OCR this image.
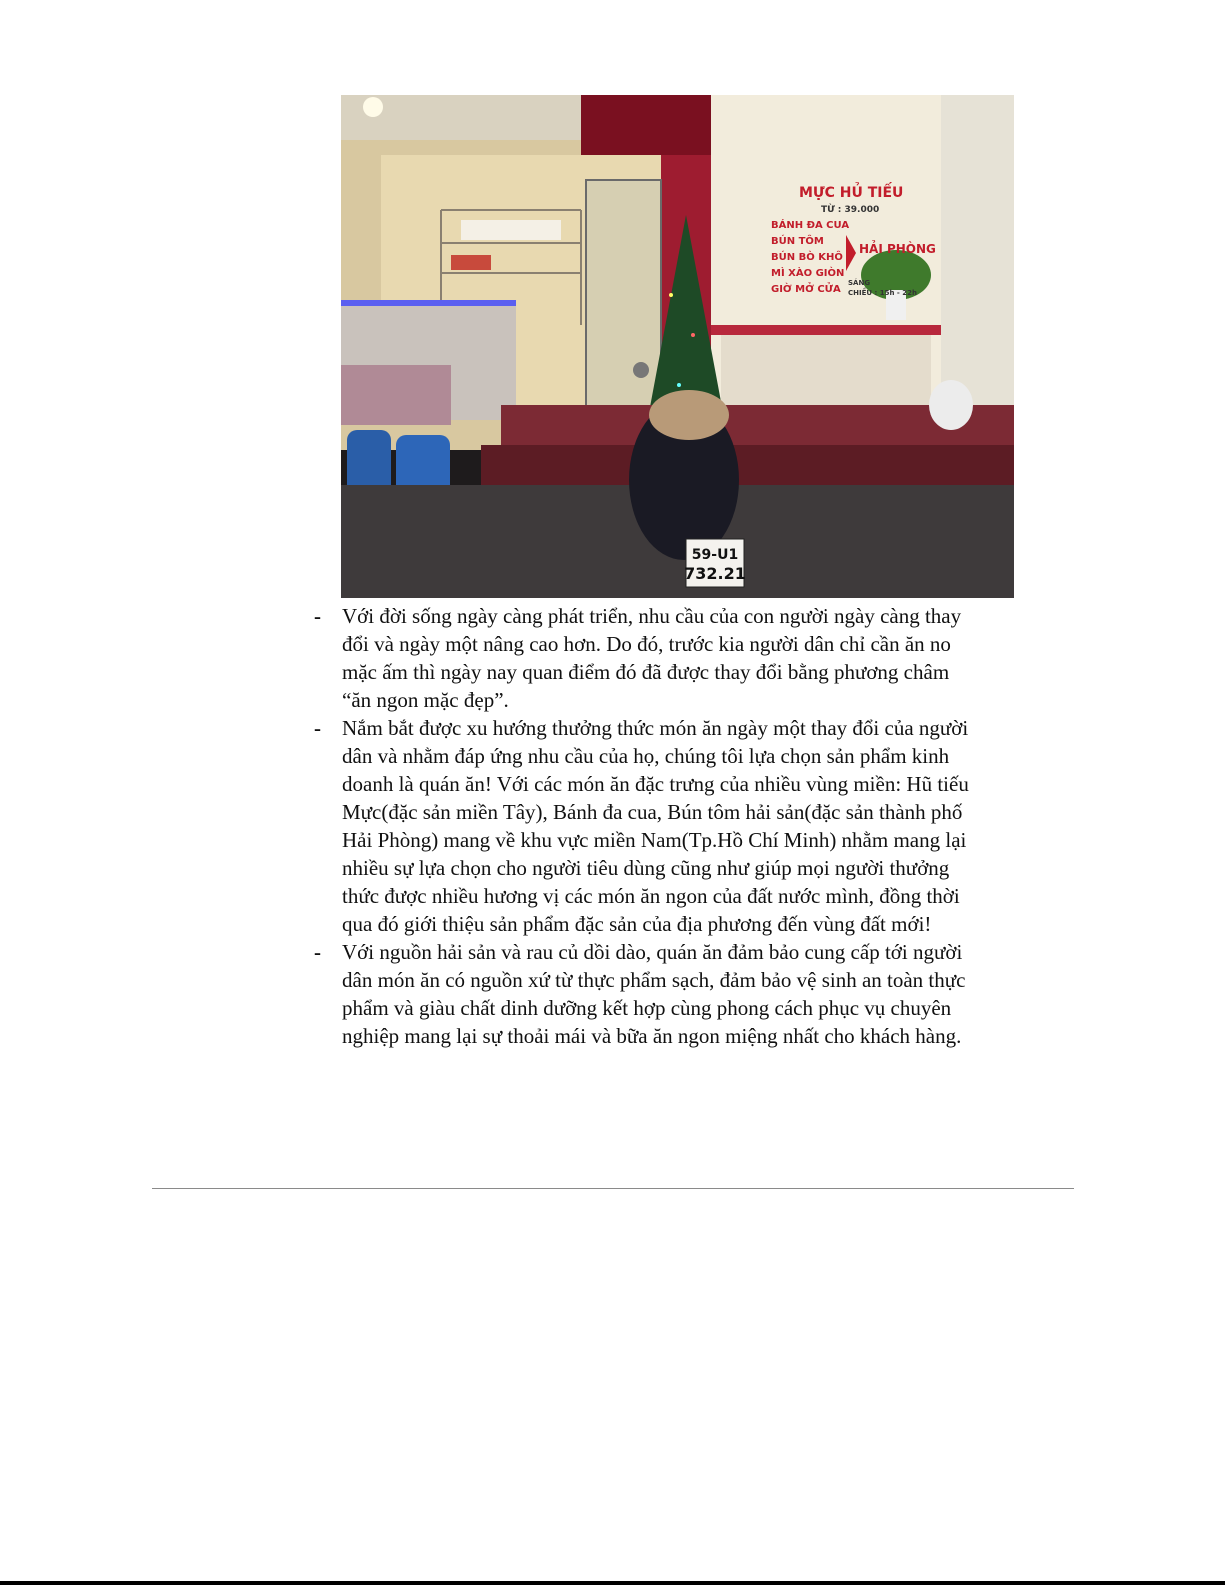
59-U1
732.21
MỰC HỦ TIẾU
TỪ : 39.000
BÁNH ĐA CUA
BÚN TÔM
BÚN BÒ KHÔ
MÌ XÀO GIÒN
GIỜ MỞ CỬA
HẢI PHÒNG
SÁNG
CHIỀU : 15h - 22h
-	Với đời sống ngày càng phát triển, nhu cầu của con người ngày càng thay đổi và ngày một nâng cao hơn. Do đó, trước kia người dân chỉ cần ăn no mặc ấm thì ngày nay quan điểm đó đã được thay đổi bằng phương châm “ăn ngon mặc đẹp”.
-	Nắm bắt được xu hướng thưởng thức món ăn ngày một thay đổi của người dân và nhằm đáp ứng nhu cầu của họ, chúng tôi lựa chọn sản phẩm kinh doanh là quán ăn! Với các món ăn đặc trưng của nhiều vùng miền: Hũ tiếu Mực(đặc sản miền Tây), Bánh đa cua, Bún tôm hải sản(đặc sản thành phố Hải Phòng) mang về khu vực miền Nam(Tp.Hồ Chí Minh) nhằm mang lại nhiều sự lựa chọn cho người tiêu dùng cũng như giúp mọi người thưởng thức được nhiều hương vị các món ăn ngon của đất nước mình, đồng thời qua đó giới thiệu sản phẩm đặc sản của địa phương đến vùng đất mới!
-	Với nguồn hải sản và rau củ dồi dào, quán ăn đảm bảo cung cấp tới người dân món ăn có nguồn xứ từ thực phẩm sạch, đảm bảo vệ sinh an toàn thực phẩm và giàu chất dinh dưỡng kết hợp cùng phong cách phục vụ chuyên nghiệp mang lại sự thoải mái và bữa ăn ngon miệng nhất cho khách hàng.
